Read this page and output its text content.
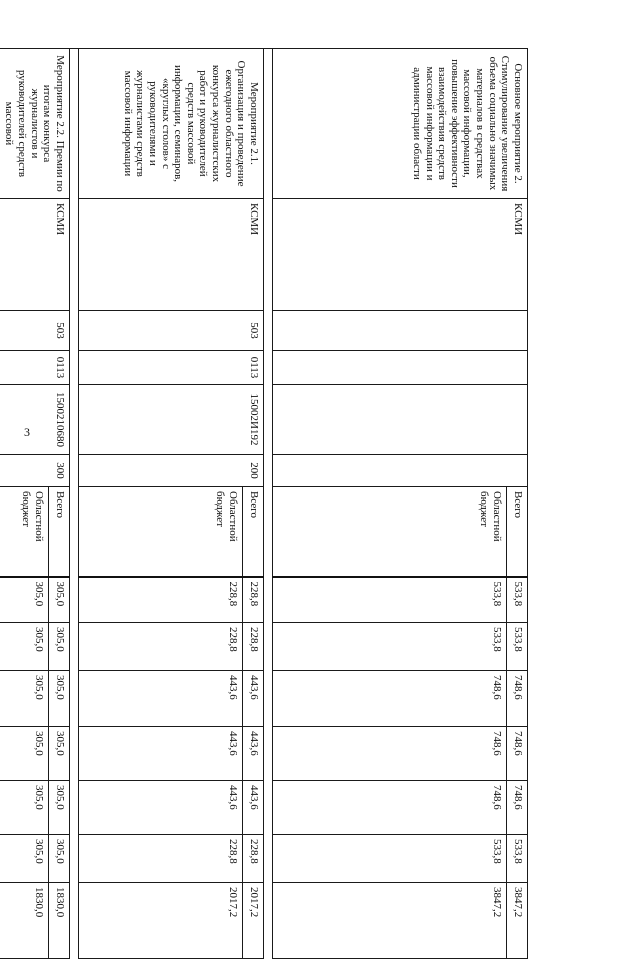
3
Основное мероприятие 2. Стимулирование увеличения объема социально значимых материалов в средствах массовой информации, повышение эффективности взаимодействия средств массовой информации и администрации области	КСМИ					Всего	533,8	533,8	748,6	748,6	748,6	533,8	3847,2
						Областной бюджет	533,8	533,8	748,6	748,6	748,6	533,8	3847,2

Мероприятие 2.1. Организация и проведение ежегодного областного конкурса журналистских работ и руководителей средств массовой информации, семинаров, «круглых столов» с руководителями и журналистами средств массовой информации	КСМИ	503	0113	15002И192	200	Всего	228,8	228,8	443,6	443,6	443,6	228,8	2017,2
						Областной бюджет	228,8	228,8	443,6	443,6	443,6	228,8	2017,2

Мероприятие 2.2. Премии по итогам конкурса журналистов и руководителей средств массовой	КСМИ	503	0113	1500210680	300	Всего	305,0	305,0	305,0	305,0	305,0	305,0	1830,0
						Областной бюджет	305,0	305,0	305,0	305,0	305,0	305,0	1830,0
